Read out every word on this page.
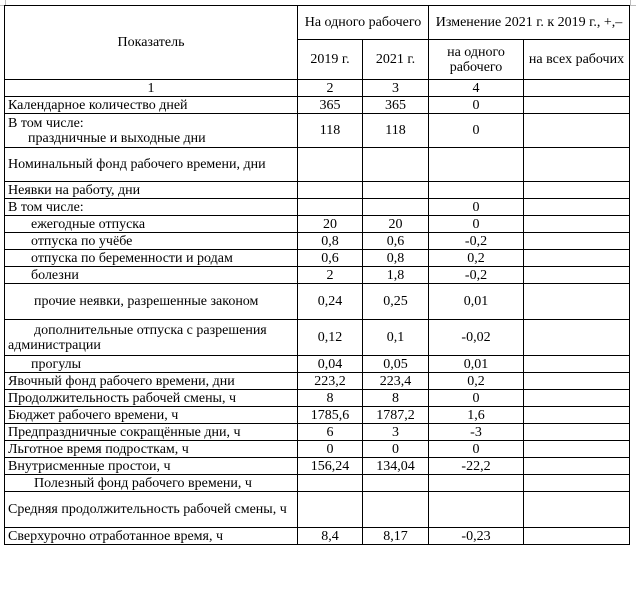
Показатель	На одного рабочего		Изменение 2021 г. к 2019 г., +,–	
	2019 г.	2021 г.	на одного рабочего	на всех рабочих
1	2	3	4	
Календарное количество дней	365	365	0	

В том числе:
праздничные и выходные дни	118	118	0	
Номинальный фонд рабочего времени, дни				
Неявки на работу, дни				
В том числе:			0	
ежегодные отпуска	20	20	0	
отпуска по учёбе	0,8	0,6	-0,2	
отпуска по беременности и родам	0,6	0,8	0,2	
болезни	2	1,8	-0,2	
прочие неявки, разрешенные законом	0,24	0,25	0,01	
дополнительные отпуска с разрешения администрации	0,12	0,1	-0,02	
прогулы	0,04	0,05	0,01	
Явочный фонд рабочего времени, дни	223,2	223,4	0,2	
Продолжительность рабочей смены, ч	8	8	0	
Бюджет рабочего времени, ч	1785,6	1787,2	1,6	
Предпраздничные сокращённые дни, ч	6	3	-3	
Льготное время подросткам, ч	0	0	0	
Внутрисменные простои, ч	156,24	134,04	-22,2	
Полезный фонд рабочего времени, ч				
Средняя продолжительность рабочей смены, ч				
Сверхурочно отработанное время, ч	8,4	8,17	-0,23	
